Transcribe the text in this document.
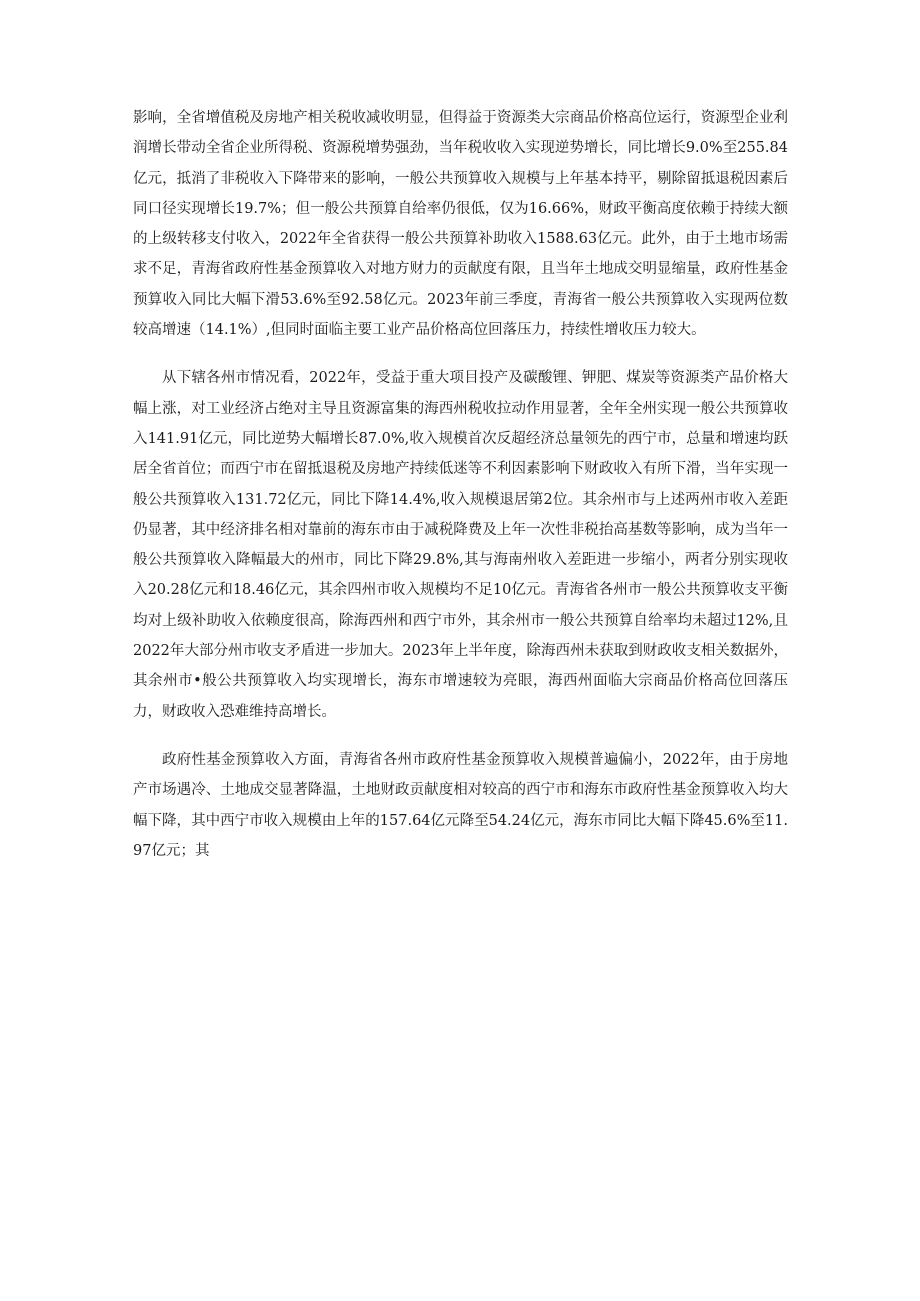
影响，全省增值税及房地产相关税收减收明显，但得益于资源类大宗商品价格高位运行，资源型企业利润增长带动全省企业所得税、资源税增势强劲，当年税收收入实现逆势增长，同比增长9.0%至255.84亿元，抵消了非税收入下降带来的影响，一般公共预算收入规模与上年基本持平，剔除留抵退税因素后同口径实现增长19.7%；但一般公共预算自给率仍很低，仅为16.66%，财政平衡高度依赖于持续大额的上级转移支付收入，2022年全省获得一般公共预算补助收入1588.63亿元。此外，由于土地市场需求不足，青海省政府性基金预算收入对地方财力的贡献度有限，且当年土地成交明显缩量，政府性基金预算收入同比大幅下滑53.6%至92.58亿元。2023年前三季度，青海省一般公共预算收入实现两位数较高增速（14.1%）,但同时面临主要工业产品价格高位回落压力，持续性增收压力较大。

从下辖各州市情况看，2022年，受益于重大项目投产及碳酸锂、钾肥、煤炭等资源类产品价格大幅上涨，对工业经济占绝对主导且资源富集的海西州税收拉动作用显著，全年全州实现一般公共预算收入141.91亿元，同比逆势大幅增长87.0%,收入规模首次反超经济总量领先的西宁市，总量和增速均跃居全省首位；而西宁市在留抵退税及房地产持续低迷等不利因素影响下财政收入有所下滑，当年实现一般公共预算收入131.72亿元，同比下降14.4%,收入规模退居第2位。其余州市与上述两州市收入差距仍显著，其中经济排名相对靠前的海东市由于减税降费及上年一次性非税抬高基数等影响，成为当年一般公共预算收入降幅最大的州市，同比下降29.8%,其与海南州收入差距进一步缩小，两者分别实现收入20.28亿元和18.46亿元，其余四州市收入规模均不足10亿元。青海省各州市一般公共预算收支平衡均对上级补助收入依赖度很高，除海西州和西宁市外，其余州市一般公共预算自给率均未超过12%,且2022年大部分州市收支矛盾进一步加大。2023年上半年度，除海西州未获取到财政收支相关数据外，其余州市•般公共预算收入均实现增长，海东市增速较为亮眼，海西州面临大宗商品价格高位回落压力，财政收入恐难维持高增长。

政府性基金预算收入方面，青海省各州市政府性基金预算收入规模普遍偏小，2022年，由于房地产市场遇冷、土地成交显著降温，土地财政贡献度相对较高的西宁市和海东市政府性基金预算收入均大幅下降，其中西宁市收入规模由上年的157.64亿元降至54.24亿元，海东市同比大幅下降45.6%至11.97亿元；其
